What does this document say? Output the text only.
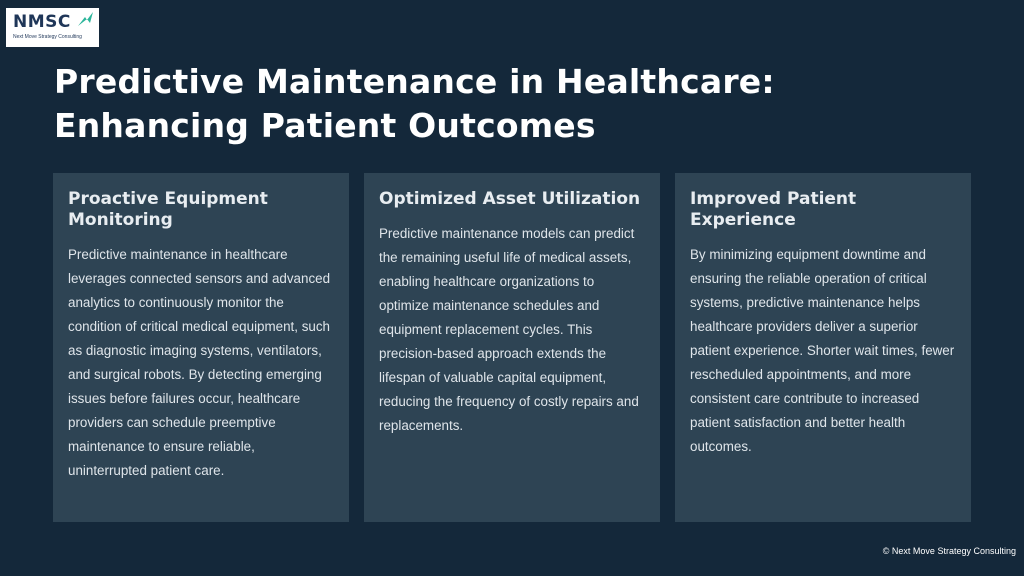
NMSC
Next Move Strategy Consulting
Predictive Maintenance in Healthcare: Enhancing Patient Outcomes
Proactive Equipment Monitoring

Predictive maintenance in healthcare leverages connected sensors and advanced analytics to continuously monitor the condition of critical medical equipment, such as diagnostic imaging systems, ventilators, and surgical robots. By detecting emerging issues before failures occur, healthcare providers can schedule preemptive maintenance to ensure reliable, uninterrupted patient care.

Optimized Asset Utilization

Predictive maintenance models can predict the remaining useful life of medical assets, enabling healthcare organizations to optimize maintenance schedules and equipment replacement cycles. This precision-based approach extends the lifespan of valuable capital equipment, reducing the frequency of costly repairs and replacements.

Improved Patient Experience

By minimizing equipment downtime and ensuring the reliable operation of critical systems, predictive maintenance helps healthcare providers deliver a superior patient experience. Shorter wait times, fewer rescheduled appointments, and more consistent care contribute to increased patient satisfaction and better health outcomes.

© Next Move Strategy Consulting
